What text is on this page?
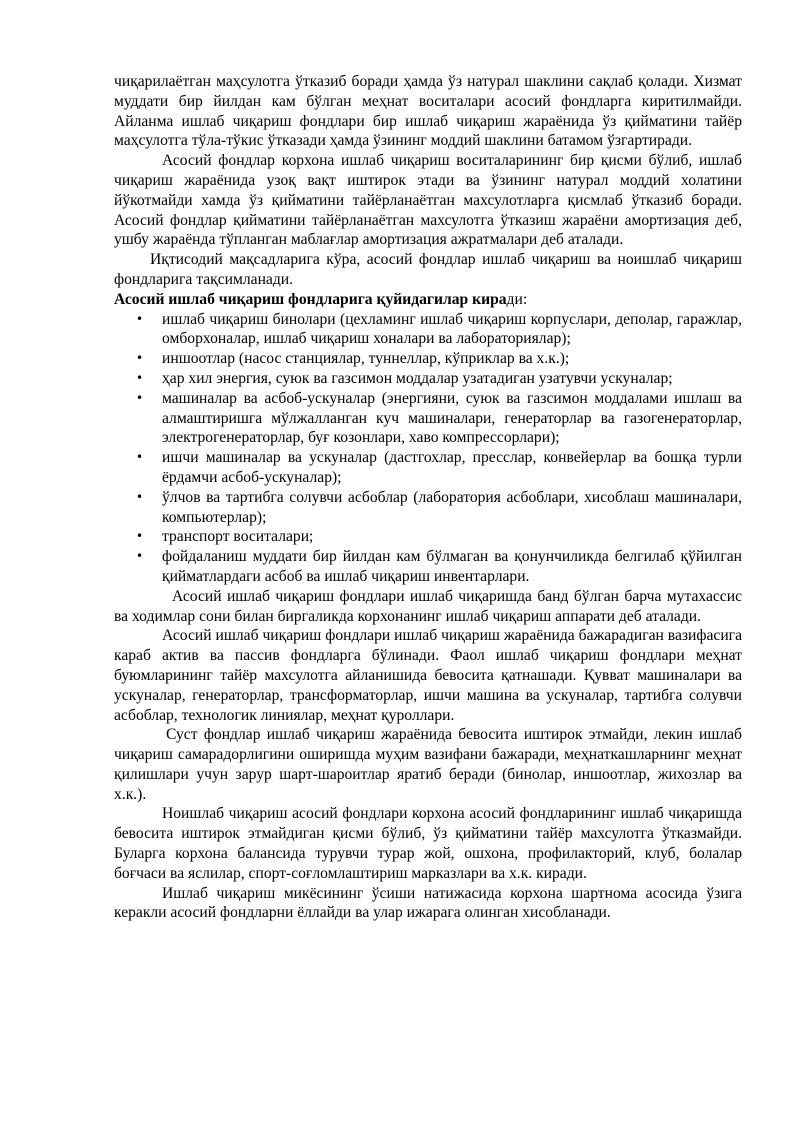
чиқарилаётган маҳсулотга ўтказиб боради ҳамда ўз натурал шаклини сақлаб қолади. Хизмат муддати бир йилдан кам бўлган меҳнат воситалари асосий фондларга киритилмайди. Айланма ишлаб чиқариш фондлари бир ишлаб чиқариш жараёнида ўз қийматини тайёр маҳсулотга тўла-тўкис ўтказади ҳамда ўзининг моддий шаклини батамом ўзгартиради.

Асосий фондлар корхона ишлаб чиқариш воситаларининг бир қисми бўлиб, ишлаб чиқариш жараёнида узоқ вақт иштирок этади ва ўзининг натурал моддий холатини йўкотмайди хамда ўз қийматини тайёрланаётган махсулотларга қисмлаб ўтказиб боради. Асосий фондлар қийматини тайёрланаётган махсулотга ўтказиш жараёни амортизация деб, ушбу жараёнда тўпланган маблағлар амортизация ажратмалари деб аталади.

Иқтисодий мақсадларига кўра, асосий фондлар ишлаб чиқариш ва ноишлаб чиқариш фондларига тақсимланади.

Асосий ишлаб чиқариш фондларига қуйидагилар киради:

• ишлаб чиқариш бинолари (цехламинг ишлаб чиқариш корпуслари, деполар, гаражлар, омборхоналар, ишлаб чиқариш хоналари ва лабораториялар);
• иншоотлар (насос станциялар, туннеллар, кўприклар ва х.к.);
• ҳар хил энергия, суюк ва газсимон моддалар узатадиган узатувчи ускуналар;
• машиналар ва асбоб-ускуналар (энергияни, суюк ва газсимон моддалами ишлаш ва алмаштиришга мўлжалланган куч машиналари, генераторлар ва газогенераторлар, электрогенераторлар, буғ козонлари, хаво компрессорлари);
• ишчи машиналар ва ускуналар (дастгохлар, пресслар, конвейерлар ва бошқа турли ёрдамчи асбоб-ускуналар);
• ўлчов ва тартибга солувчи асбоблар (лаборатория асбоблари, хисоблаш машиналари, компьютерлар);
• транспорт воситалари;
• фойдаланиш муддати бир йилдан кам бўлмаган ва қонунчиликда белгилаб қўйилган қийматлардаги асбоб ва ишлаб чиқариш инвентарлари.

Асосий ишлаб чиқариш фондлари ишлаб чиқаришда банд бўлган барча мутахассис ва ходимлар сони билан биргаликда корхонанинг ишлаб чиқариш аппарати деб аталади.

Асосий ишлаб чиқариш фондлари ишлаб чиқариш жараёнида бажарадиган вазифасига караб актив ва пассив фондларга бўлинади. Фаол ишлаб чиқариш фондлари меҳнат буюмларининг тайёр махсулотга айланишида бевосита қатнашади. Қувват машиналари ва ускуналар, генераторлар, трансформаторлар, ишчи машина ва ускуналар, тартибга солувчи асбоблар, технологик линиялар, меҳнат қуроллари.

Суст фондлар ишлаб чиқариш жараёнида бевосита иштирок этмайди, лекин ишлаб чиқариш самарадорлигини оширишда муҳим вазифани бажаради, меҳнаткашларнинг меҳнат қилишлари учун зарур шарт-шароитлар яратиб беради (бинолар, иншоотлар, жихозлар ва х.к.).

Ноишлаб чиқариш асосий фондлари корхона асосий фондларининг ишлаб чиқаришда бевосита иштирок этмайдиган қисми бўлиб, ўз қийматини тайёр махсулотга ўтказмайди. Буларга корхона балансида турувчи турар жой, ошхона, профилакторий, клуб, болалар боғчаси ва яслилар, спорт-соғломлаштириш марказлари ва х.к. киради.

Ишлаб чиқариш микёсининг ўсиши натижасида корхона шартнома асосида ўзига керакли асосий фондларни ёллайди ва улар ижарага олинган хисобланади.
